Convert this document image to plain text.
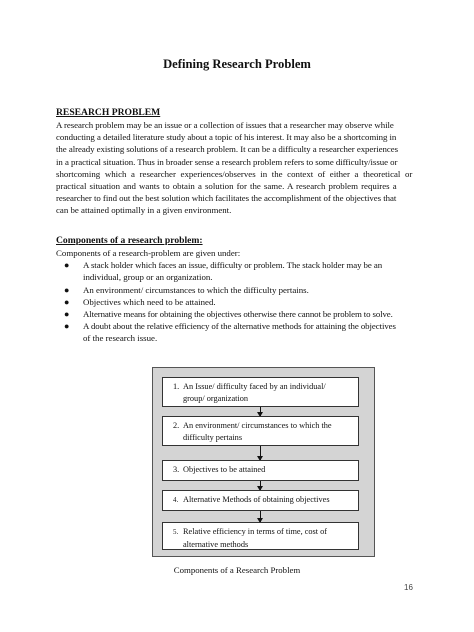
Defining Research Problem
RESEARCH PROBLEM
A research problem may be an issue or a collection of issues that a researcher may observe while
conducting a detailed literature study about a topic of his interest. It may also be a shortcoming in
the already existing solutions of a research problem. It can be a difficulty a researcher experiences
in a practical situation. Thus in broader sense a research problem refers to some difficulty/issue or
shortcoming which a researcher experiences/observes in the context of either a theoretical or
practical situation and wants to obtain a solution for the same. A research problem requires a
researcher to find out the best solution which facilitates the accomplishment of the objectives that
can be attained optimally in a given environment.
Components of a research problem:
Components of a research-problem are given under:
● A stack holder which faces an issue, difficulty or problem. The stack holder may be an
individual, group or an organization.
● An environment/ circumstances to which the difficulty pertains.
● Objectives which need to be attained.
● Alternative means for obtaining the objectives otherwise there cannot be problem to solve.
● A doubt about the relative efficiency of the alternative methods for attaining the objectives
of the research issue.
1. An Issue/ difficulty faced by an individual/
group/ organization
2. An environment/ circumstances to which the
difficulty pertains
3. Objectives to be attained
4. Alternative Methods of obtaining objectives
5. Relative efficiency in terms of time, cost of
alternative methods
Components of a Research Problem
16
